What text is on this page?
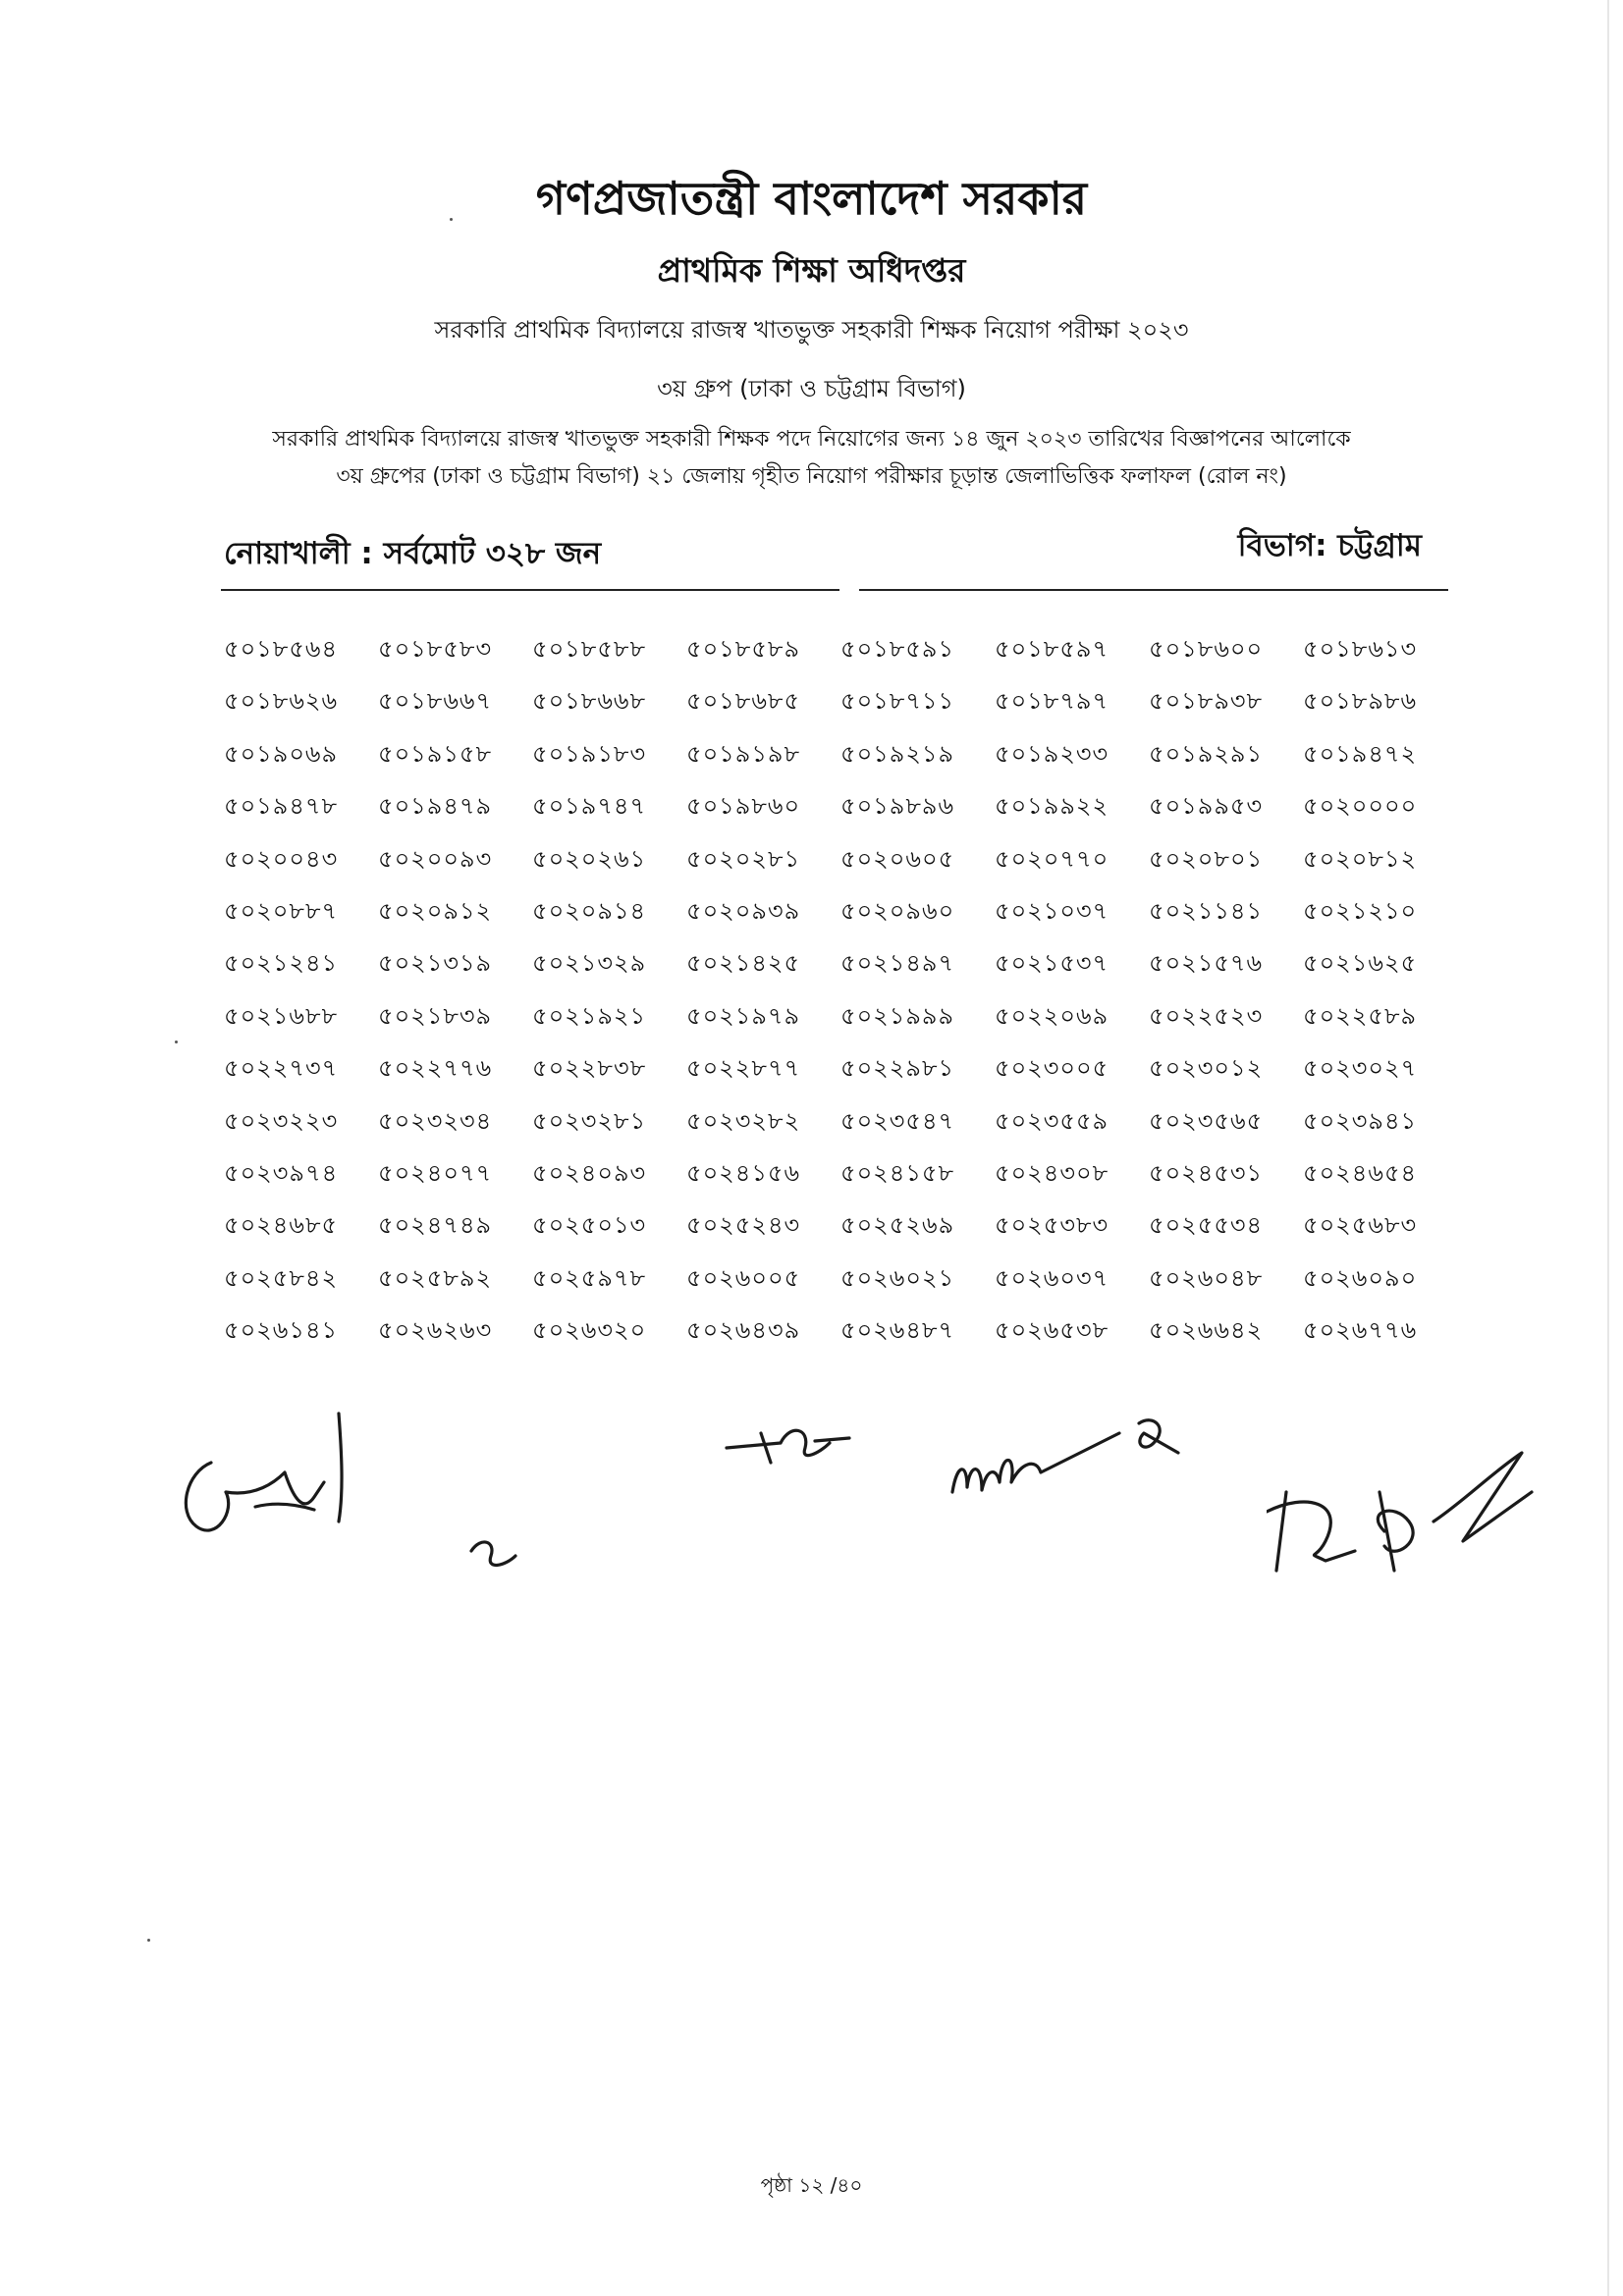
গণপ্রজাতন্ত্রী বাংলাদেশ সরকার
প্রাথমিক শিক্ষা অধিদপ্তর
সরকারি প্রাথমিক বিদ্যালয়ে রাজস্ব খাতভুক্ত সহকারী শিক্ষক নিয়োগ পরীক্ষা ২০২৩
৩য় গ্রুপ (ঢাকা ও চট্টগ্রাম বিভাগ)
সরকারি প্রাথমিক বিদ্যালয়ে রাজস্ব খাতভুক্ত সহকারী শিক্ষক পদে নিয়োগের জন্য ১৪ জুন ২০২৩ তারিখের বিজ্ঞাপনের আলোকে
৩য় গ্রুপের (ঢাকা ও চট্টগ্রাম বিভাগ) ২১ জেলায় গৃহীত নিয়োগ পরীক্ষার চূড়ান্ত জেলাভিত্তিক ফলাফল (রোল নং)
নোয়াখালী : সর্বমোট ৩২৮ জন	বিভাগ: চট্টগ্রাম
৫০১৮৫৬৪	৫০১৮৫৮৩	৫০১৮৫৮৮	৫০১৮৫৮৯	৫০১৮৫৯১	৫০১৮৫৯৭	৫০১৮৬০০	৫০১৮৬১৩
৫০১৮৬২৬	৫০১৮৬৬৭	৫০১৮৬৬৮	৫০১৮৬৮৫	৫০১৮৭১১	৫০১৮৭৯৭	৫০১৮৯৩৮	৫০১৮৯৮৬
৫০১৯০৬৯	৫০১৯১৫৮	৫০১৯১৮৩	৫০১৯১৯৮	৫০১৯২১৯	৫০১৯২৩৩	৫০১৯২৯১	৫০১৯৪৭২
৫০১৯৪৭৮	৫০১৯৪৭৯	৫০১৯৭৪৭	৫০১৯৮৬০	৫০১৯৮৯৬	৫০১৯৯২২	৫০১৯৯৫৩	৫০২০০০০
৫০২০০৪৩	৫০২০০৯৩	৫০২০২৬১	৫০২০২৮১	৫০২০৬০৫	৫০২০৭৭০	৫০২০৮০১	৫০২০৮১২
৫০২০৮৮৭	৫০২০৯১২	৫০২০৯১৪	৫০২০৯৩৯	৫০২০৯৬০	৫০২১০৩৭	৫০২১১৪১	৫০২১২১০
৫০২১২৪১	৫০২১৩১৯	৫০২১৩২৯	৫০২১৪২৫	৫০২১৪৯৭	৫০২১৫৩৭	৫০২১৫৭৬	৫০২১৬২৫
৫০২১৬৮৮	৫০২১৮৩৯	৫০২১৯২১	৫০২১৯৭৯	৫০২১৯৯৯	৫০২২০৬৯	৫০২২৫২৩	৫০২২৫৮৯
৫০২২৭৩৭	৫০২২৭৭৬	৫০২২৮৩৮	৫০২২৮৭৭	৫০২২৯৮১	৫০২৩০০৫	৫০২৩০১২	৫০২৩০২৭
৫০২৩২২৩	৫০২৩২৩৪	৫০২৩২৮১	৫০২৩২৮২	৫০২৩৫৪৭	৫০২৩৫৫৯	৫০২৩৫৬৫	৫০২৩৯৪১
৫০২৩৯৭৪	৫০২৪০৭৭	৫০২৪০৯৩	৫০২৪১৫৬	৫০২৪১৫৮	৫০২৪৩০৮	৫০২৪৫৩১	৫০২৪৬৫৪
৫০২৪৬৮৫	৫০২৪৭৪৯	৫০২৫০১৩	৫০২৫২৪৩	৫০২৫২৬৯	৫০২৫৩৮৩	৫০২৫৫৩৪	৫০২৫৬৮৩
৫০২৫৮৪২	৫০২৫৮৯২	৫০২৫৯৭৮	৫০২৬০০৫	৫০২৬০২১	৫০২৬০৩৭	৫০২৬০৪৮	৫০২৬০৯০
৫০২৬১৪১	৫০২৬২৬৩	৫০২৬৩২০	৫০২৬৪৩৯	৫০২৬৪৮৭	৫০২৬৫৩৮	৫০২৬৬৪২	৫০২৬৭৭৬
পৃষ্ঠা ১২ /৪০
